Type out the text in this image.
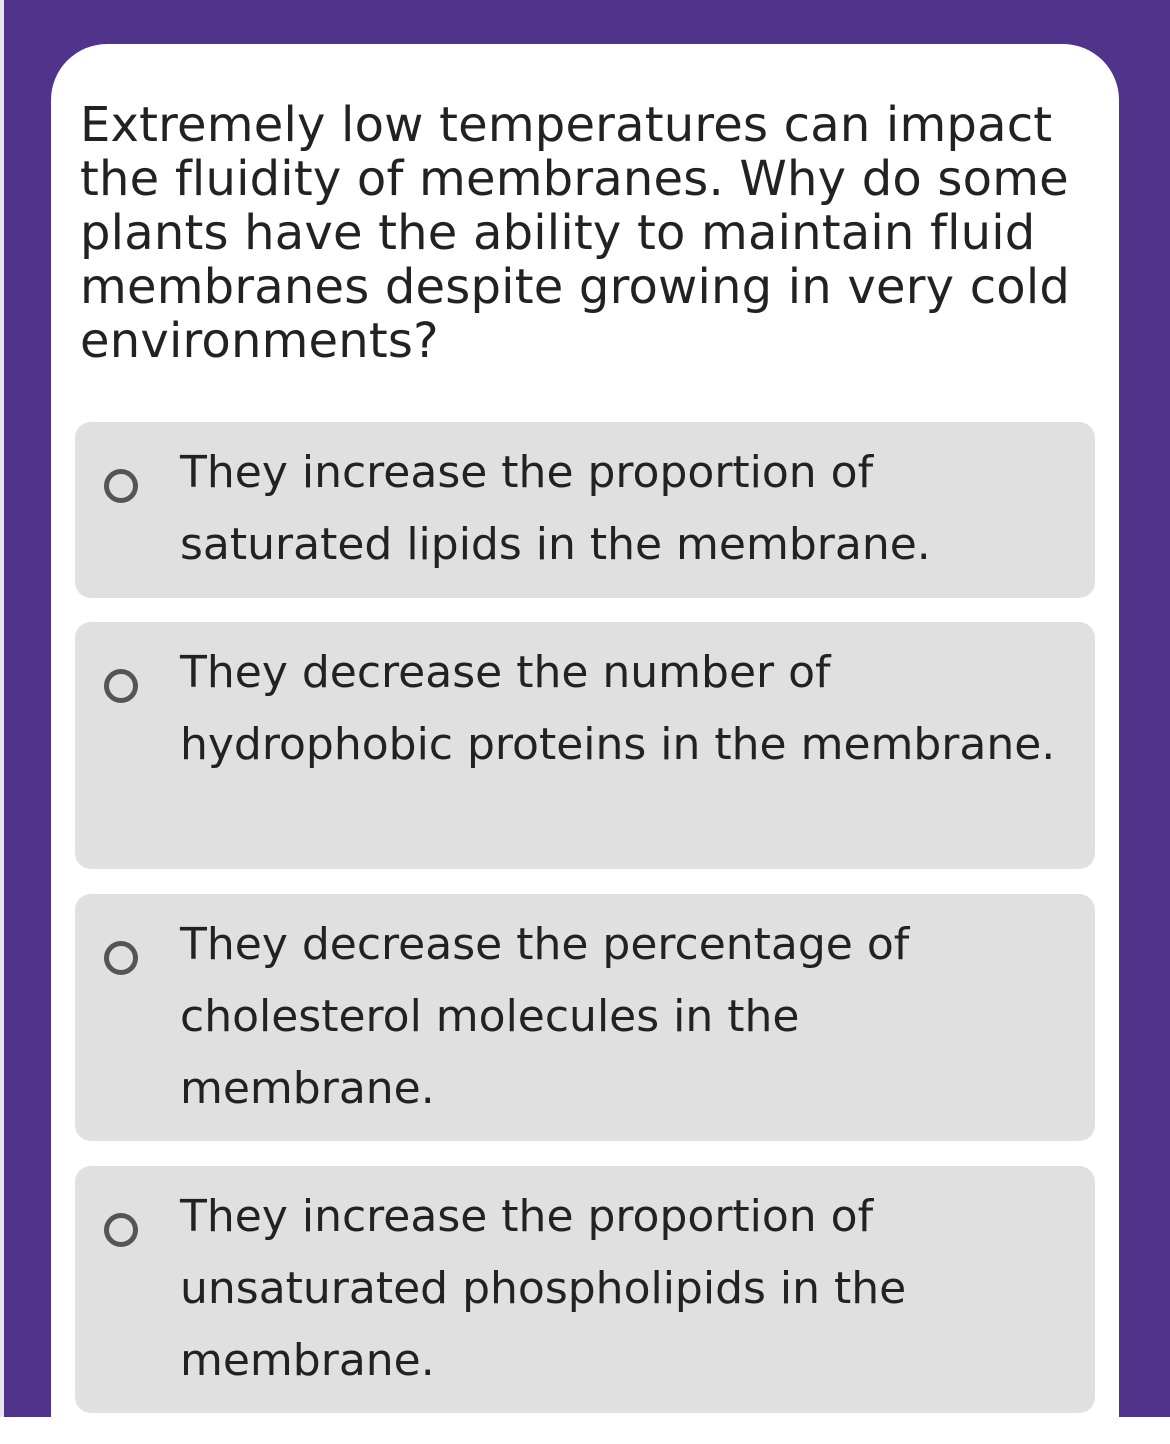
Extremely low temperatures can impact the fluidity of membranes. Why do some plants have the ability to maintain fluid membranes despite growing in very cold environments?
They increase the proportion of saturated lipids in the membrane.
They decrease the number of hydrophobic proteins in the membrane.
They decrease the percentage of cholesterol molecules in the membrane.
They increase the proportion of unsaturated phospholipids in the membrane.
